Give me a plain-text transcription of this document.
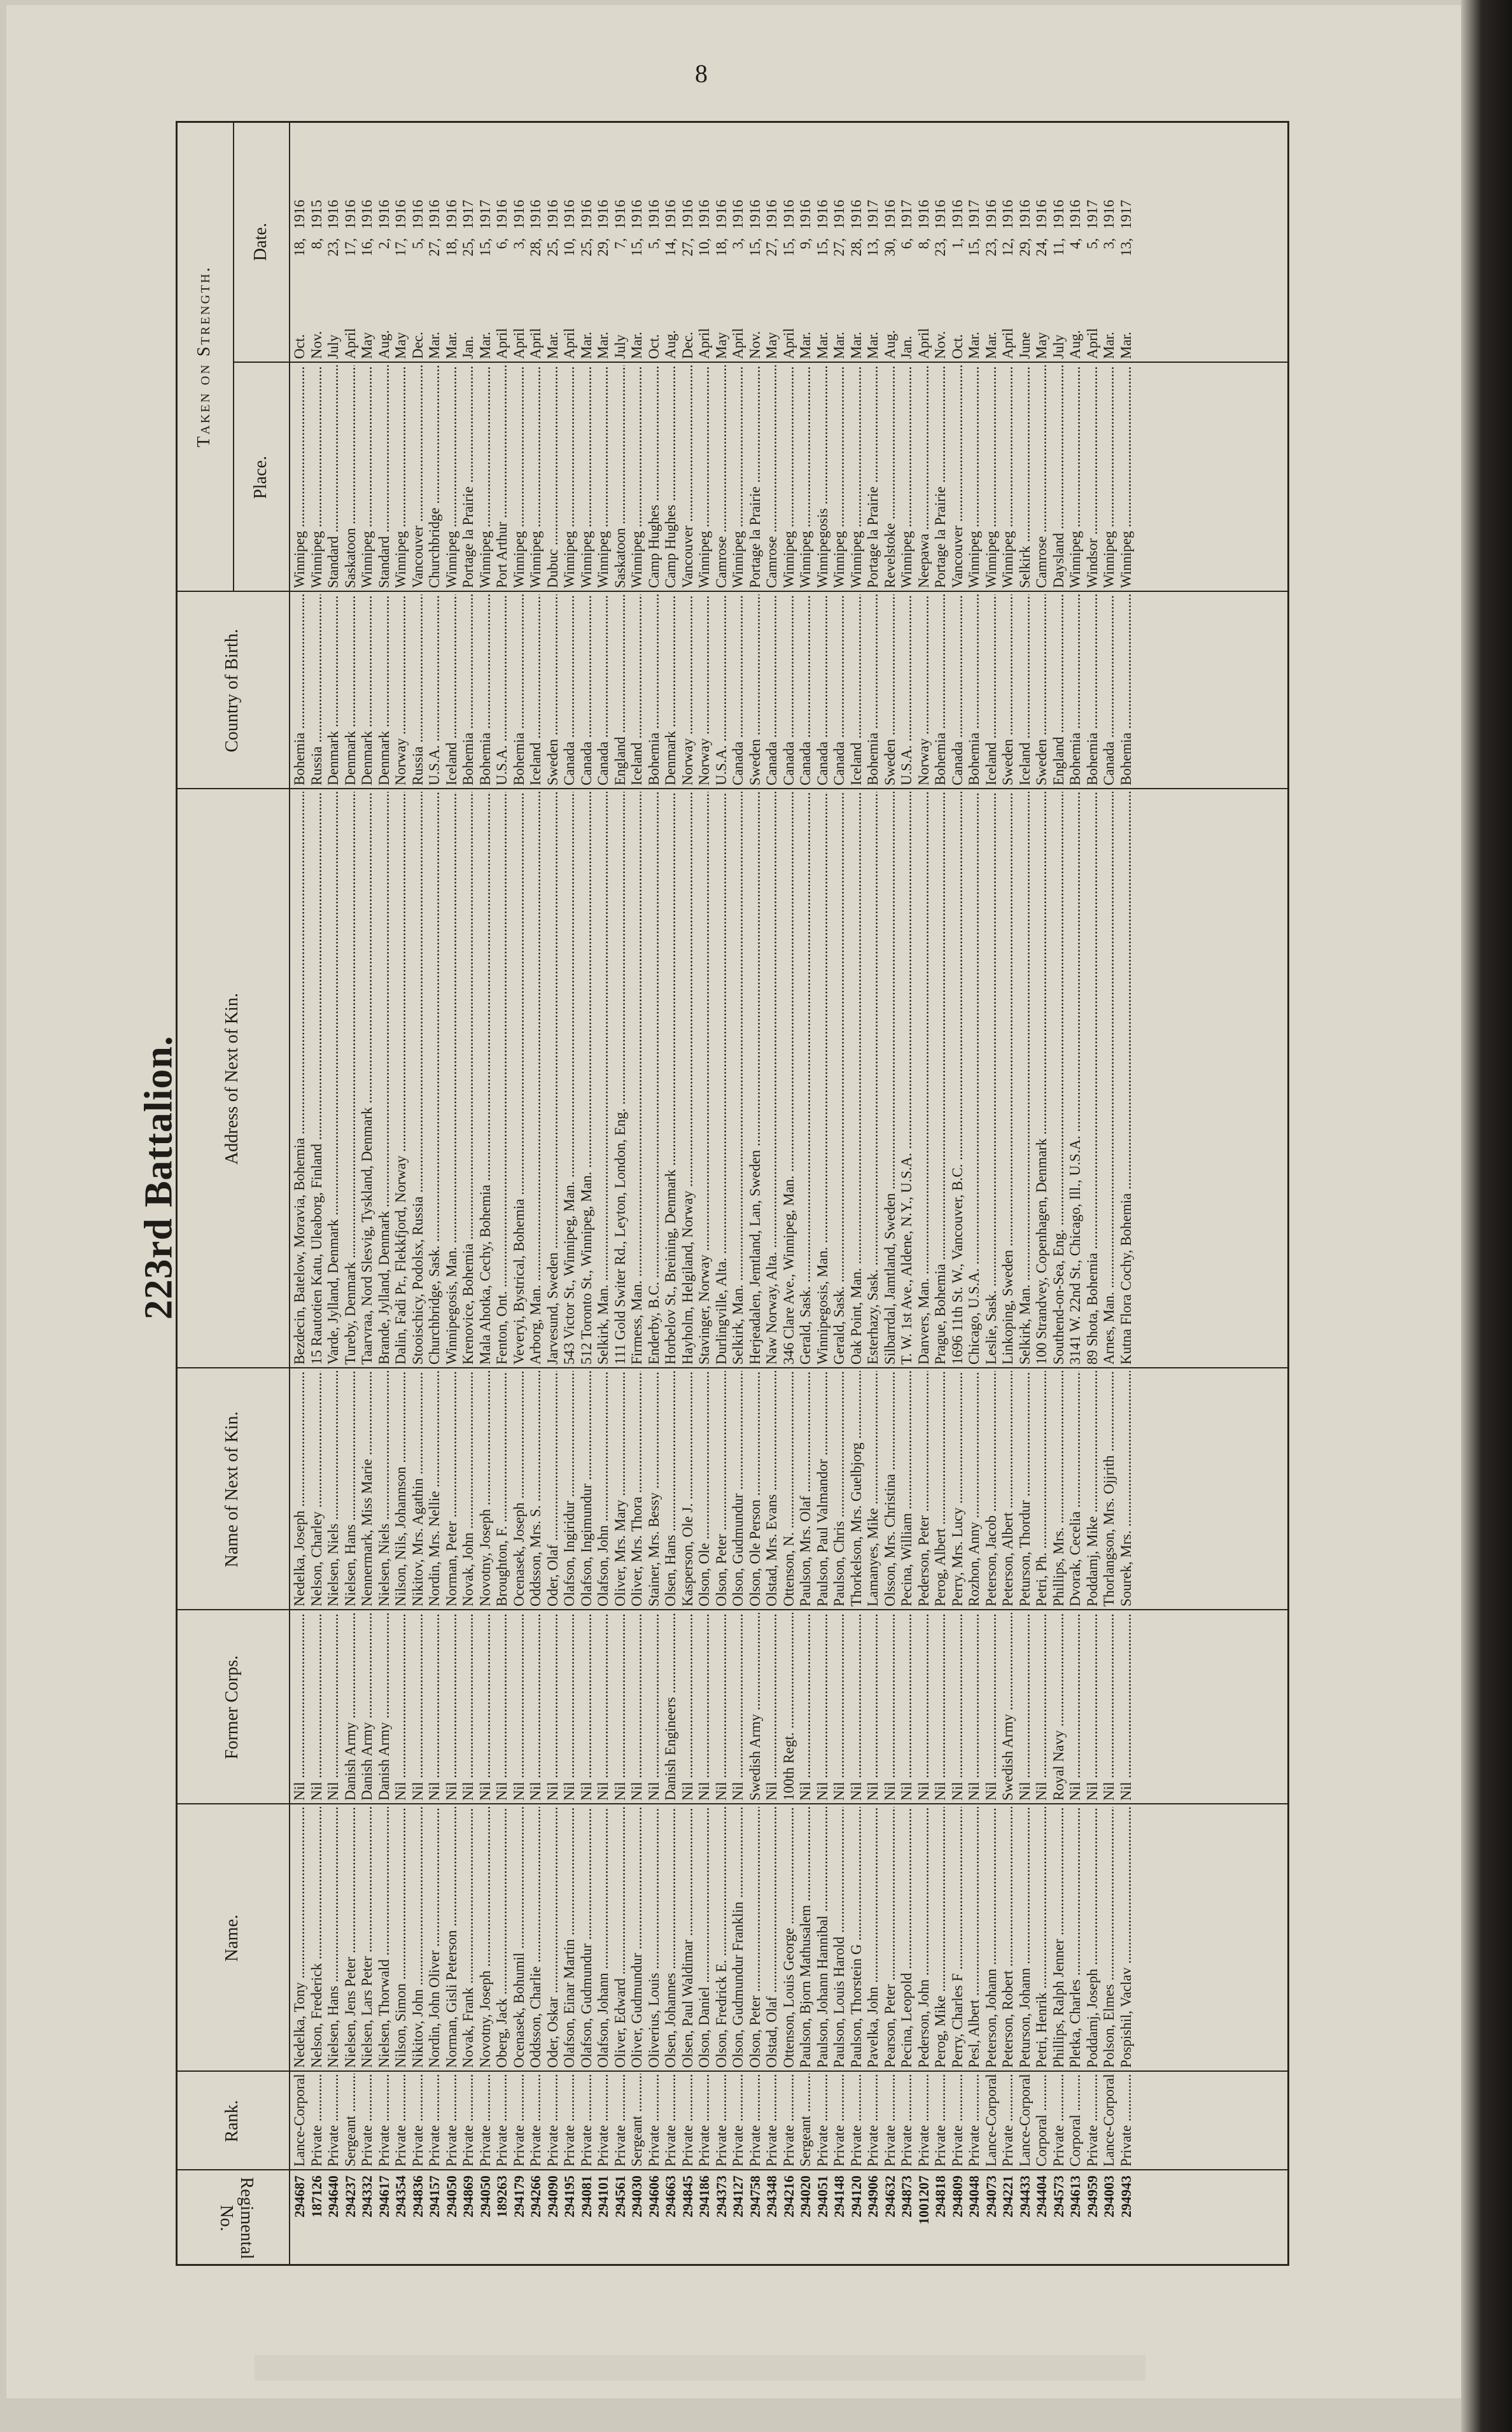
8
223rd Battalion.
Regimental No.
Rank.
Name.
Former Corps.
Name of Next of Kin.
Address of Next of Kin.
Country of Birth.
Taken on Strength.
Place.
Date.
294687
Lance-Corporal .....
Nedelka, Tony .....
Nil .....
Nedelka, Joseph .....
Bezdecin, Batelow, Moravia, Bohemia .....
Bohemia .....
Winnipeg .....
Oct.
18,
1916
187126
Private .....
Nelson, Frederick .....
Nil .....
Nelson, Charley .....
15 Rautotien Katu, Uleaborg, Finland .....
Russia .....
Winnipeg .....
Nov.
8,
1915
294640
Private .....
Nielsen, Hans .....
Nil .....
Nielsen, Niels .....
Varde, Jylland, Denmark .....
Denmark .....
Standard .....
July
23,
1916
294237
Sergeant .....
Nielsen, Jens Peter .....
Danish Army .....
Nielsen, Hans .....
Tureby, Denmark .....
Denmark .....
Saskatoon .....
April
17,
1916
294332
Private .....
Nielsen, Lars Peter .....
Danish Army .....
Nennermark, Miss Marie .....
Taarvraa, Nord Slesvig, Tyskland, Denmark .....
Denmark .....
Winnipeg .....
May
16,
1916
294617
Private .....
Nielsen, Thorwald .....
Danish Army .....
Nielsen, Niels .....
Brande, Jylland, Denmark .....
Denmark .....
Standard .....
Aug.
2,
1916
294354
Private .....
Nilson, Simon .....
Nil .....
Nilson, Nils, Johannson .....
Dalin, Fadi Pr., Flekkfjord, Norway .....
Norway .....
Winnipeg .....
May
17,
1916
294836
Private .....
Nikitov, John .....
Nil .....
Nikitov, Mrs. Agathin .....
Stooischicy, Podolsx, Russia .....
Russia .....
Vancouver .....
Dec.
5,
1916
294157
Private .....
Nordin, John Oliver .....
Nil .....
Nordin, Mrs. Nellie .....
Churchbridge, Sask. .....
U.S.A. .....
Churchbridge .....
Mar.
27,
1916
294050
Private .....
Norman, Gisli Peterson .....
Nil .....
Norman, Peter .....
Winnipegosis, Man. .....
Iceland .....
Winnipeg .....
Mar.
18,
1916
294869
Private .....
Novak, Frank .....
Nil .....
Novak, John .....
Krenovice, Bohemia .....
Bohemia .....
Portage la Prairie .....
Jan.
25,
1917
294050
Private .....
Novotny, Joseph .....
Nil .....
Novotny, Joseph .....
Mala Ahotka, Cechy, Bohemia .....
Bohemia .....
Winnipeg .....
Mar.
15,
1917
189263
Private .....
Oberg, Jack .....
Nil .....
Broughton, F. .....
Fenton, Ont. .....
U.S.A. .....
Port Arthur .....
April
6,
1916
294179
Private .....
Ocenasek, Bohumil .....
Nil .....
Ocenasek, Joseph .....
Veveryi, Bystrical, Bohemia .....
Bohemia .....
Winnipeg .....
April
3,
1916
294266
Private .....
Oddsson, Charlie .....
Nil .....
Oddsson, Mrs. S. .....
Arborg, Man. .....
Iceland .....
Winnipeg .....
April
28,
1916
294090
Private .....
Oder, Oskar .....
Nil .....
Oder, Olaf .....
Jarvesund, Sweden .....
Sweden .....
Dubuc .....
Mar.
25,
1916
294195
Private .....
Olafson, Einar Martin .....
Nil .....
Olafson, Ingiridur .....
543 Victor St., Winnipeg, Man. .....
Canada .....
Winnipeg .....
April
10,
1916
294081
Private .....
Olafson, Gudmundur .....
Nil .....
Olafson, Ingimundur .....
512 Toronto St., Winnipeg, Man. .....
Canada .....
Winnipeg .....
Mar.
25,
1916
294101
Private .....
Olafson, Johann .....
Nil .....
Olafson, John .....
Selkirk, Man. .....
Canada .....
Winnipeg .....
Mar.
29,
1916
294561
Private .....
Oliver, Edward .....
Nil .....
Oliver, Mrs. Mary .....
111 Gold Switer Rd., Leyton, London, Eng. .....
England .....
Saskatoon .....
July
7,
1916
294030
Sergeant .....
Oliver, Gudmundur .....
Nil .....
Oliver, Mrs. Thora .....
Firmess, Man. .....
Iceland .....
Winnipeg .....
Mar.
15,
1916
294606
Private .....
Oliverius, Louis .....
Nil .....
Stainer, Mrs. Bessy .....
Enderby, B.C. .....
Bohemia .....
Camp Hughes .....
Oct.
5,
1916
294663
Private .....
Olsen, Johannes .....
Danish Engineers .....
Olsen, Hans .....
Horbelov St., Breining, Denmark .....
Denmark .....
Camp Hughes .....
Aug.
14,
1916
294845
Private .....
Olsen, Paul Waldimar .....
Nil .....
Kasperson, Ole J. .....
Hayholm, Helgiland, Norway .....
Norway .....
Vancouver .....
Dec.
27,
1916
294186
Private .....
Olson, Daniel .....
Nil .....
Olson, Ole .....
Stavinger, Norway .....
Norway .....
Winnipeg .....
April
10,
1916
294373
Private .....
Olson, Fredrick E. .....
Nil .....
Olson, Peter .....
Durlingville, Alta. .....
U.S.A. .....
Camrose .....
May
18,
1916
294127
Private .....
Olson, Gudmundur Franklin .....
Nil .....
Olson, Gudmundur .....
Selkirk, Man. .....
Canada .....
Winnipeg .....
April
3,
1916
294758
Private .....
Olson, Peter .....
Swedish Army .....
Olson, Ole Person .....
Herjeadalen, Jemtland, Lan, Sweden .....
Sweden .....
Portage la Prairie .....
Nov.
15,
1916
294348
Private .....
Olstad, Olaf .....
Nil .....
Olstad, Mrs. Evans .....
Naw Norway, Alta. .....
Canada .....
Camrose .....
May
27,
1916
294216
Private .....
Ottenson, Louis George .....
100th Regt. .....
Ottenson, N. .....
346 Clare Ave., Winnipeg, Man. .....
Canada .....
Winnipeg .....
April
15,
1916
294020
Sergeant .....
Paulson, Bjorn Mathusalem .....
Nil .....
Paulson, Mrs. Olaf .....
Gerald, Sask. .....
Canada .....
Winnipeg .....
Mar.
9,
1916
294051
Private .....
Paulson, Johann Hannibal .....
Nil .....
Paulson, Paul Valmandor .....
Winnipegosis, Man. .....
Canada .....
Winnipegosis .....
Mar.
15,
1916
294148
Private .....
Paulson, Louis Harold .....
Nil .....
Paulson, Chris .....
Gerald, Sask. .....
Canada .....
Winnipeg .....
Mar.
27,
1916
294120
Private .....
Paulson, Thorstein G .....
Nil .....
Thorkelson, Mrs. Guelbjorg .....
Oak Point, Man. .....
Iceland .....
Winnipeg .....
Mar.
28,
1916
294906
Private .....
Pavelka, John .....
Nil .....
Lamanyes, Mike .....
Esterhazy, Sask. .....
Bohemia .....
Portage la Prairie .....
Mar.
13,
1917
294632
Private .....
Pearson, Peter .....
Nil .....
Olsson, Mrs. Christina .....
Silbarrdal, Jamtland, Sweden .....
Sweden .....
Revelstoke .....
Aug.
30,
1916
294873
Private .....
Pecina, Leopold .....
Nil .....
Pecina, William .....
T. W. 1st Ave., Aldene, N.Y., U.S.A. .....
U.S.A. .....
Winnipeg .....
Jan.
6,
1917
1001207
Private .....
Pederson, John .....
Nil .....
Pederson, Peter .....
Danvers, Man. .....
Norway .....
Neepawa .....
April
8,
1916
294818
Private .....
Perog, Mike .....
Nil .....
Perog, Albert .....
Prague, Bohemia .....
Bohemia .....
Portage la Prairie .....
Nov.
23,
1916
294809
Private .....
Perry, Charles F .....
Nil .....
Perry, Mrs. Lucy .....
1696 11th St. W., Vancouver, B.C. .....
Canada .....
Vancouver .....
Oct.
1,
1916
294048
Private .....
Pesl, Albert .....
Nil .....
Rozhon, Anny .....
Chicago, U.S.A. .....
Bohemia .....
Winnipeg .....
Mar.
15,
1917
294073
Lance-Corporal .....
Peterson, Johann .....
Nil .....
Peterson, Jacob .....
Leslie, Sask. .....
Iceland .....
Winnipeg .....
Mar.
23,
1916
294221
Private .....
Peterson, Robert .....
Swedish Army .....
Peterson, Albert .....
Linkoping, Sweden .....
Sweden .....
Winnipeg .....
April
12,
1916
294433
Lance-Corporal .....
Peturson, Johann .....
Nil .....
Peturson, Thordur .....
Selkirk, Man. .....
Iceland .....
Selkirk .....
June
29,
1916
294404
Corporal .....
Petri, Henrik .....
Nil .....
Petri, Ph. .....
100 Strandvey, Copenhagen, Denmark .....
Sweden .....
Camrose .....
May
24,
1916
294573
Private .....
Phillips, Ralph Jenner .....
Royal Navy .....
Phillips, Mrs. .....
Southend-on-Sea, Eng. .....
England .....
Daysland .....
July
11,
1916
294613
Corporal .....
Pletka, Charles .....
Nil .....
Dvorak, Cecelia .....
3141 W. 22nd St., Chicago, Ill., U.S.A. .....
Bohemia .....
Winnipeg .....
Aug.
4,
1916
294959
Private .....
Poddamj, Joseph .....
Nil .....
Poddamj, Mike .....
89 Shota, Bohemia .....
Bohemia .....
Windsor .....
April
5,
1917
294003
Lance-Corporal .....
Polson, Elmes .....
Nil .....
Thorlangson, Mrs. Ojjrith .....
Arnes, Man. .....
Canada .....
Winnipeg .....
Mar.
3,
1916
294943
Private .....
Pospishil, Vaclav .....
Nil .....
Sourek, Mrs. .....
Kutna Flora Cochy, Bohemia .....
Bohemia .....
Winnipeg .....
Mar.
13,
1917
